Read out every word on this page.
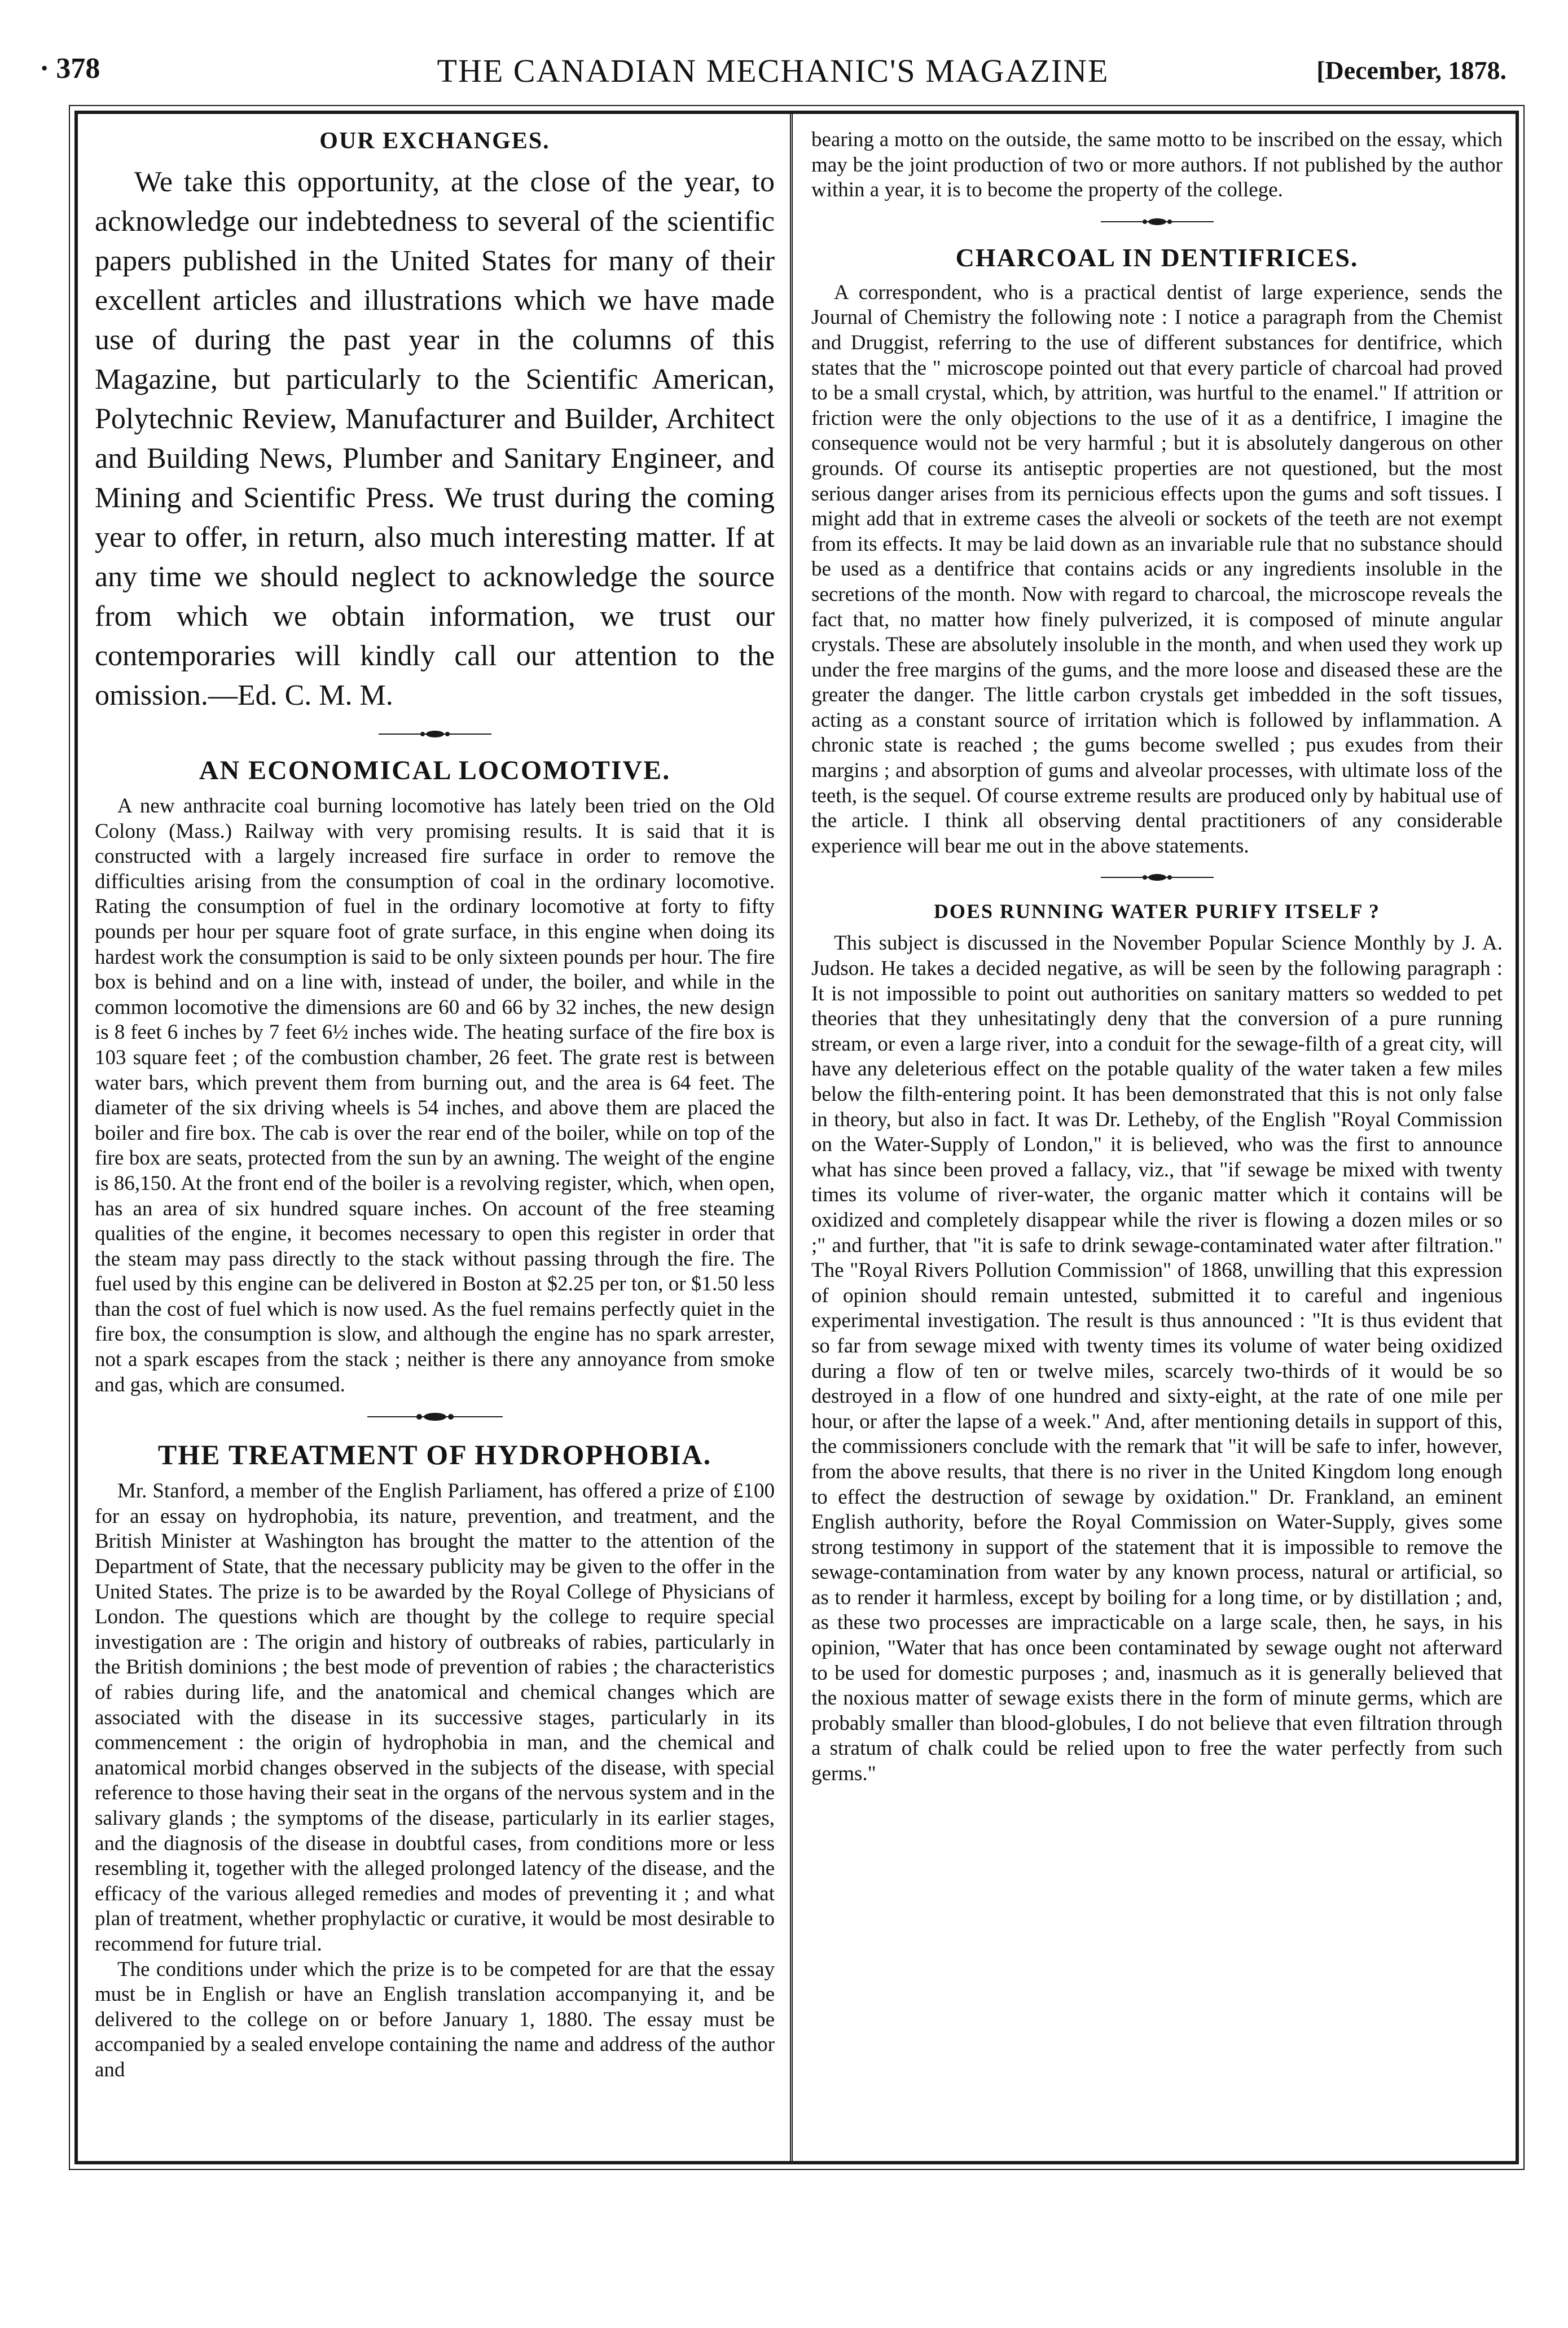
· 378	THE CANADIAN MECHANIC'S MAGAZINE	[December, 1878.
OUR EXCHANGES.

We take this opportunity, at the close of the year, to acknowledge our indebtedness to several of the scientific papers published in the United States for many of their excellent articles and illustrations which we have made use of during the past year in the columns of this Magazine, but particularly to the Scientific American, Polytechnic Review, Manufacturer and Builder, Architect and Building News, Plumber and Sanitary Engineer, and Mining and Scientific Press. We trust during the coming year to offer, in return, also much interesting matter. If at any time we should neglect to acknowledge the source from which we obtain information, we trust our contemporaries will kindly call our attention to the omission.—Ed. C. M. M.

AN ECONOMICAL LOCOMOTIVE.

A new anthracite coal burning locomotive has lately been tried on the Old Colony (Mass.) Railway with very promising results. It is said that it is constructed with a largely increased fire surface in order to remove the difficulties arising from the consumption of coal in the ordinary locomotive. Rating the consumption of fuel in the ordinary locomotive at forty to fifty pounds per hour per square foot of grate surface, in this engine when doing its hardest work the consumption is said to be only sixteen pounds per hour. The fire box is behind and on a line with, instead of under, the boiler, and while in the common locomotive the dimensions are 60 and 66 by 32 inches, the new design is 8 feet 6 inches by 7 feet 6½ inches wide. The heating surface of the fire box is 103 square feet ; of the combustion chamber, 26 feet. The grate rest is between water bars, which prevent them from burning out, and the area is 64 feet. The diameter of the six driving wheels is 54 inches, and above them are placed the boiler and fire box. The cab is over the rear end of the boiler, while on top of the fire box are seats, protected from the sun by an awning. The weight of the engine is 86,150. At the front end of the boiler is a revolving register, which, when open, has an area of six hundred square inches. On account of the free steaming qualities of the engine, it becomes necessary to open this register in order that the steam may pass directly to the stack without passing through the fire. The fuel used by this engine can be delivered in Boston at $2.25 per ton, or $1.50 less than the cost of fuel which is now used. As the fuel remains perfectly quiet in the fire box, the consumption is slow, and although the engine has no spark arrester, not a spark escapes from the stack ; neither is there any annoyance from smoke and gas, which are consumed.

THE TREATMENT OF HYDROPHOBIA.

Mr. Stanford, a member of the English Parliament, has offered a prize of £100 for an essay on hydrophobia, its nature, prevention, and treatment, and the British Minister at Washington has brought the matter to the attention of the Department of State, that the necessary publicity may be given to the offer in the United States. The prize is to be awarded by the Royal College of Physicians of London. The questions which are thought by the college to require special investigation are : The origin and history of outbreaks of rabies, particularly in the British dominions ; the best mode of prevention of rabies ; the characteristics of rabies during life, and the anatomical and chemical changes which are associated with the disease in its successive stages, particularly in its commencement : the origin of hydrophobia in man, and the chemical and anatomical morbid changes observed in the subjects of the disease, with special reference to those having their seat in the organs of the nervous system and in the salivary glands ; the symptoms of the disease, particularly in its earlier stages, and the diagnosis of the disease in doubtful cases, from conditions more or less resembling it, together with the alleged prolonged latency of the disease, and the efficacy of the various alleged remedies and modes of preventing it ; and what plan of treatment, whether prophylactic or curative, it would be most desirable to recommend for future trial.

The conditions under which the prize is to be competed for are that the essay must be in English or have an English translation accompanying it, and be delivered to the college on or before January 1, 1880. The essay must be accompanied by a sealed envelope containing the name and address of the author and

bearing a motto on the outside, the same motto to be inscribed on the essay, which may be the joint production of two or more authors. If not published by the author within a year, it is to become the property of the college.

CHARCOAL IN DENTIFRICES.

A correspondent, who is a practical dentist of large experience, sends the Journal of Chemistry the following note : I notice a paragraph from the Chemist and Druggist, referring to the use of different substances for dentifrice, which states that the " microscope pointed out that every particle of charcoal had proved to be a small crystal, which, by attrition, was hurtful to the enamel." If attrition or friction were the only objections to the use of it as a dentifrice, I imagine the consequence would not be very harmful ; but it is absolutely dangerous on other grounds. Of course its antiseptic properties are not questioned, but the most serious danger arises from its pernicious effects upon the gums and soft tissues. I might add that in extreme cases the alveoli or sockets of the teeth are not exempt from its effects. It may be laid down as an invariable rule that no substance should be used as a dentifrice that contains acids or any ingredients insoluble in the secretions of the month. Now with regard to charcoal, the microscope reveals the fact that, no matter how finely pulverized, it is composed of minute angular crystals. These are absolutely insoluble in the month, and when used they work up under the free margins of the gums, and the more loose and diseased these are the greater the danger. The little carbon crystals get imbedded in the soft tissues, acting as a constant source of irritation which is followed by inflammation. A chronic state is reached ; the gums become swelled ; pus exudes from their margins ; and absorption of gums and alveolar processes, with ultimate loss of the teeth, is the sequel. Of course extreme results are produced only by habitual use of the article. I think all observing dental practitioners of any considerable experience will bear me out in the above statements.

DOES RUNNING WATER PURIFY ITSELF ?

This subject is discussed in the November Popular Science Monthly by J. A. Judson. He takes a decided negative, as will be seen by the following paragraph : It is not impossible to point out authorities on sanitary matters so wedded to pet theories that they unhesitatingly deny that the conversion of a pure running stream, or even a large river, into a conduit for the sewage-filth of a great city, will have any deleterious effect on the potable quality of the water taken a few miles below the filth-entering point. It has been demonstrated that this is not only false in theory, but also in fact. It was Dr. Letheby, of the English "Royal Commission on the Water-Supply of London," it is believed, who was the first to announce what has since been proved a fallacy, viz., that "if sewage be mixed with twenty times its volume of river-water, the organic matter which it contains will be oxidized and completely disappear while the river is flowing a dozen miles or so ;" and further, that "it is safe to drink sewage-contaminated water after filtration." The "Royal Rivers Pollution Commission" of 1868, unwilling that this expression of opinion should remain untested, submitted it to careful and ingenious experimental investigation. The result is thus announced : "It is thus evident that so far from sewage mixed with twenty times its volume of water being oxidized during a flow of ten or twelve miles, scarcely two-thirds of it would be so destroyed in a flow of one hundred and sixty-eight, at the rate of one mile per hour, or after the lapse of a week." And, after mentioning details in support of this, the commissioners conclude with the remark that "it will be safe to infer, however, from the above results, that there is no river in the United Kingdom long enough to effect the destruction of sewage by oxidation." Dr. Frankland, an eminent English authority, before the Royal Commission on Water-Supply, gives some strong testimony in support of the statement that it is impossible to remove the sewage-contamination from water by any known process, natural or artificial, so as to render it harmless, except by boiling for a long time, or by distillation ; and, as these two processes are impracticable on a large scale, then, he says, in his opinion, "Water that has once been contaminated by sewage ought not afterward to be used for domestic purposes ; and, inasmuch as it is generally believed that the noxious matter of sewage exists there in the form of minute germs, which are probably smaller than blood-globules, I do not believe that even filtration through a stratum of chalk could be relied upon to free the water perfectly from such germs."
